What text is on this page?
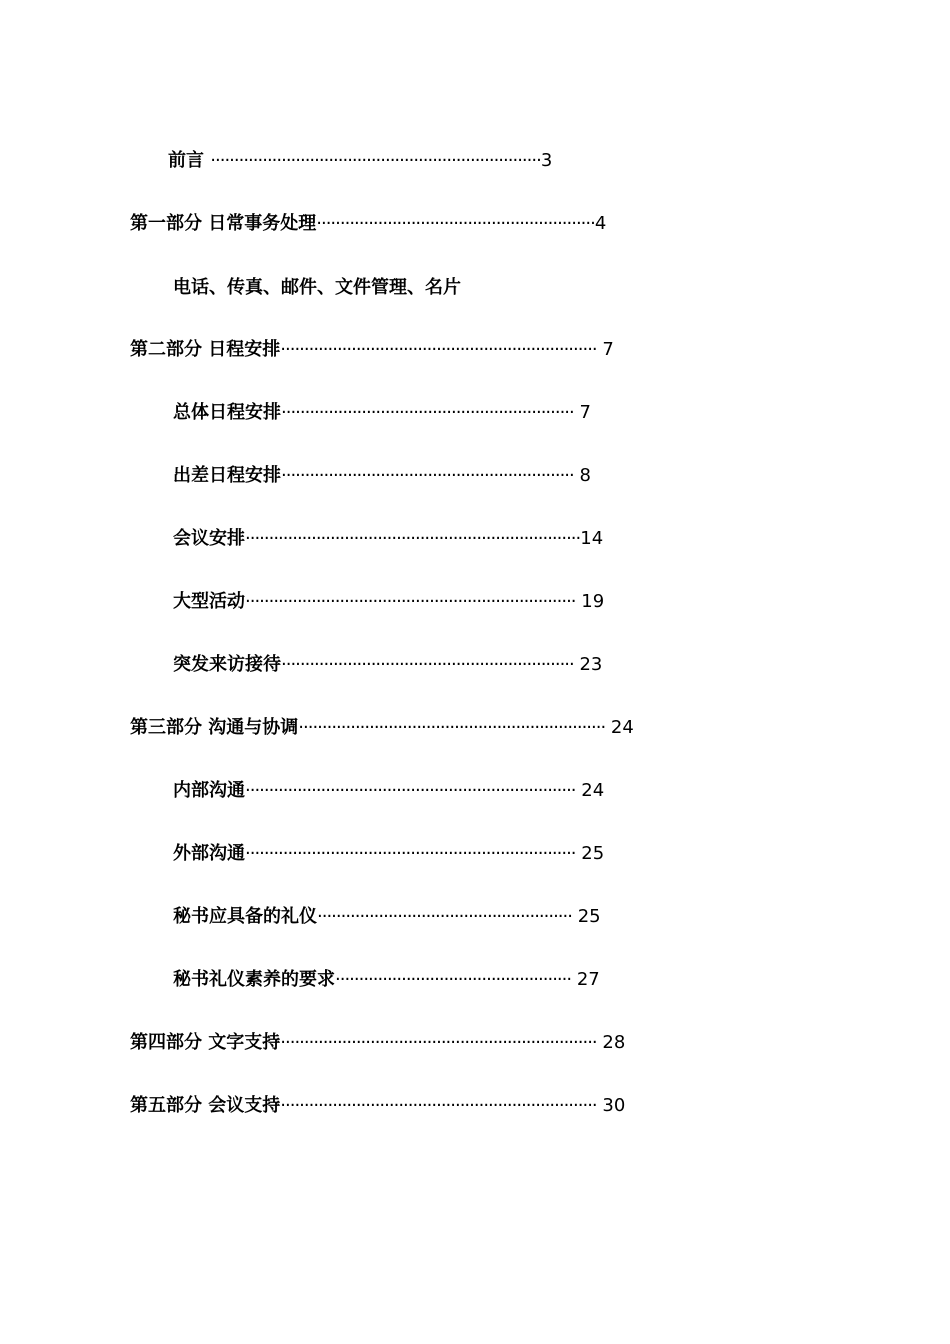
前言 ······································································3
第一部分 日常事务处理···························································4
电话、传真、邮件、文件管理、名片
第二部分 日程安排··································································· 7
总体日程安排······························································ 7
出差日程安排······························································ 8
会议安排·······································································14
大型活动······································································ 19
突发来访接待······························································ 23
第三部分 沟通与协调································································· 24
内部沟通······································································ 24
外部沟通······································································ 25
秘书应具备的礼仪······················································ 25
秘书礼仪素养的要求·················································· 27
第四部分 文字支持··································································· 28
第五部分 会议支持··································································· 30
